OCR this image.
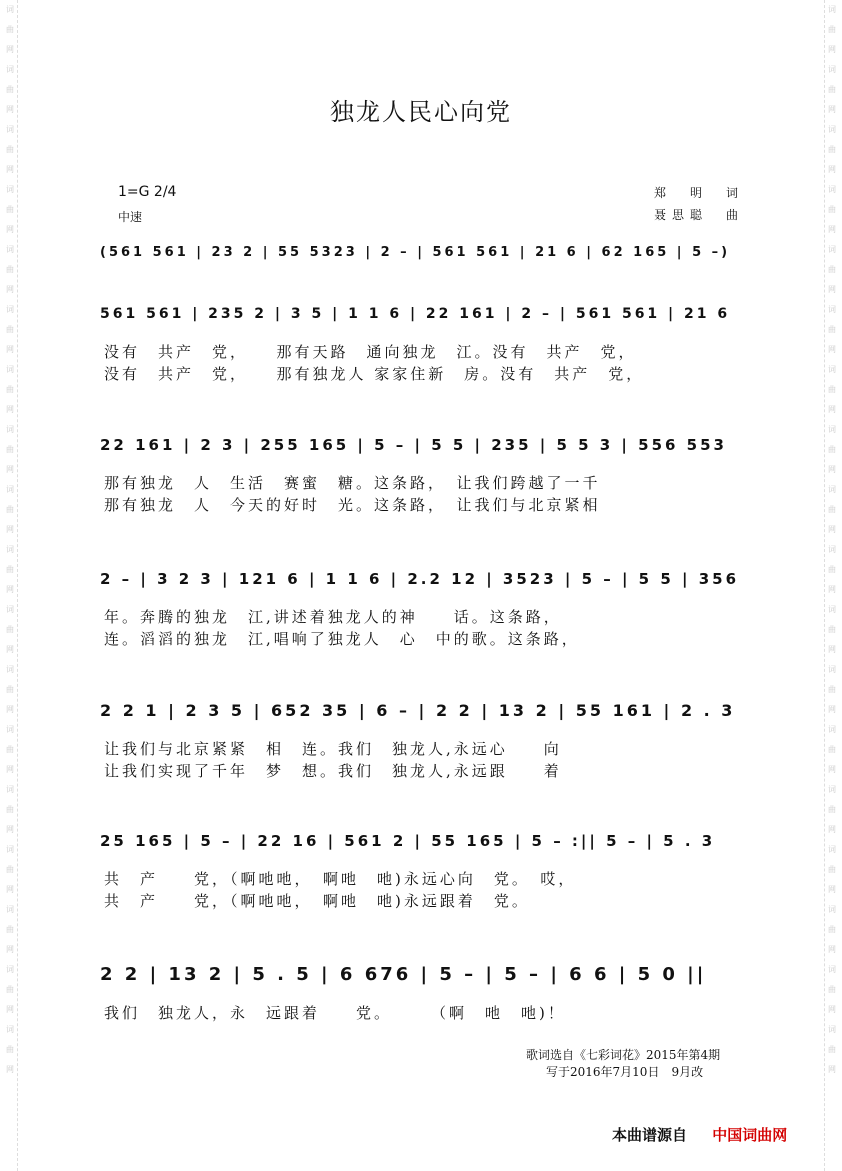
词曲网词曲网词曲网词曲网词曲网词曲网词曲网词曲网词曲网词曲网词曲网词曲网词曲网词曲网词曲网词曲网词曲网词曲网
词曲网词曲网词曲网词曲网词曲网词曲网词曲网词曲网词曲网词曲网词曲网词曲网词曲网词曲网词曲网词曲网词曲网词曲网
独龙人民心向党
1=G 2/4
中速
郑　明　词
聂思聪　曲
(561 561 | 23 2 | 55 5323 | 2 – | 561 561 | 21 6 | 62 165 | 5 –)
561 561 | 235 2 | 3 5 | 1 1 6 | 22 161 | 2 – | 561 561 | 21 6
没有　共产　党，　　那有天路　通向独龙　江。没有　共产　党，
没有　共产　党，　　那有独龙人 家家住新　房。没有　共产　党，
22 161 | 2 3 | 255 165 | 5 – | 5 5 | 235 | 5 5 3 | 556 553
那有独龙　人　生活　赛蜜　糖。这条路，　让我们跨越了一千
那有独龙　人　今天的好时　光。这条路，　让我们与北京紧相
2 – | 3 2 3 | 121 6 | 1 1 6 | 2.2 12 | 3523 | 5 – | 5 5 | 356
年。奔腾的独龙　江,讲述着独龙人的神　　话。这条路，
连。滔滔的独龙　江,唱响了独龙人　心　中的歌。这条路，
2 2 1 | 2 3 5 | 652 35 | 6 – | 2 2 | 13 2 | 55 161 | 2 . 3
让我们与北京紧紧　相　连。我们　独龙人,永远心　　向
让我们实现了千年　梦　想。我们　独龙人,永远跟　　着
25 165 | 5 – | 22 16 | 561 2 | 55 165 | 5 – :|| 5 – | 5 . 3
共　产　　党，（啊吔吔，　啊吔　吔)永远心向　党。　哎，
共　产　　党，（啊吔吔，　啊吔　吔)永远跟着　党。
2 2 | 13 2 | 5 . 5 | 6 676 | 5 – | 5 – | 6 6 | 5 0 ||
我们　独龙人，永　远跟着　　党。　　　（啊　吔　吔)！
歌词选自《七彩词花》2015年第4期
写于2016年7月10日　9月改
本曲谱源自 中国词曲网
